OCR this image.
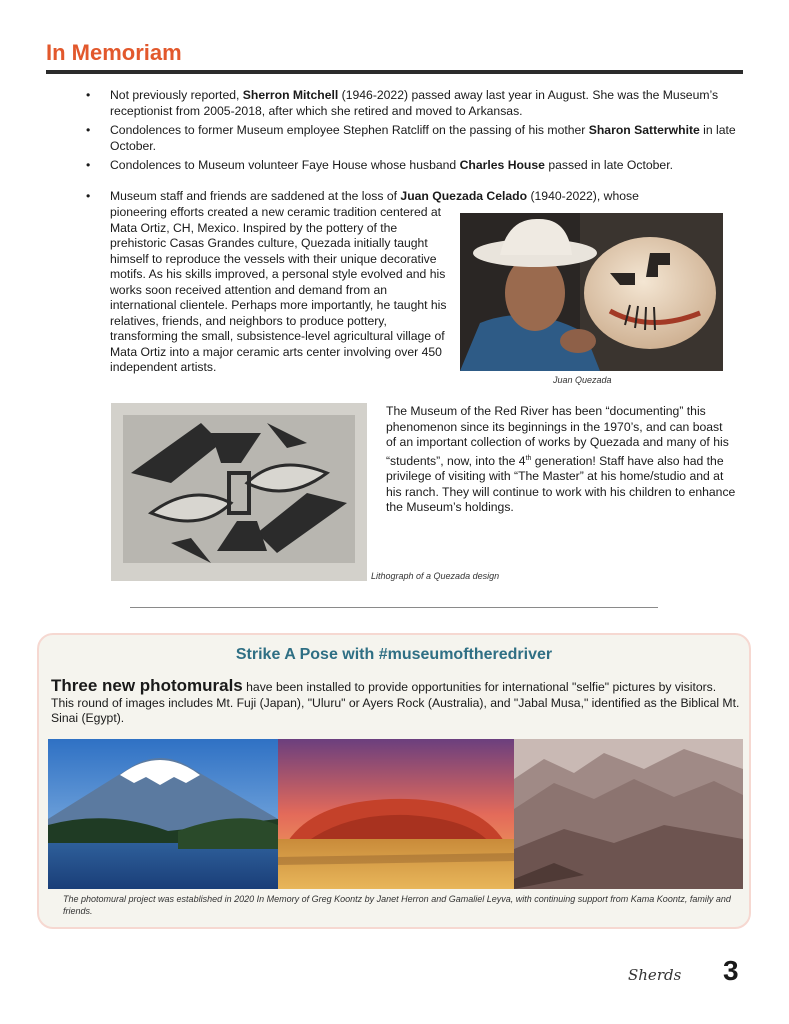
In Memoriam
• Not previously reported, Sherron Mitchell (1946-2022) passed away last year in August. She was the Museum’s receptionist from 2005-2018, after which she retired and moved to Arkansas.
• Condolences to former Museum employee Stephen Ratcliff on the passing of his mother Sharon Satterwhite in late October.
• Condolences to Museum volunteer Faye House whose husband Charles House passed in late October.
• Museum staff and friends are saddened at the loss of Juan Quezada Celado (1940-2022), whose
pioneering efforts created a new ceramic tradition centered at Mata Ortiz, CH, Mexico. Inspired by the pottery of the prehistoric Casas Grandes culture, Quezada initially taught himself to reproduce the vessels with their unique decorative motifs. As his skills improved, a personal style evolved and his works soon received attention and demand from an international clientele. Perhaps more importantly, he taught his relatives, friends, and neighbors to produce pottery, transforming the small, subsistence-level agricultural village of Mata Ortiz into a major ceramic arts center involving over 450 independent artists.
Juan Quezada
The Museum of the Red River has been “documenting” this phenomenon since its beginnings in the 1970’s, and can boast of an important collection of works by Quezada and many of his “students”, now, into the 4th generation! Staff have also had the privilege of visiting with “The Master” at his home/studio and at his ranch. They will continue to work with his children to enhance the Museum’s holdings.
Lithograph of a Quezada design
Strike A Pose with #museumoftheredriver
Three new photomurals have been installed to provide opportunities for international "selfie" pictures by visitors. This round of images includes Mt. Fuji (Japan), "Uluru" or Ayers Rock (Australia), and "Jabal Musa," identified as the Biblical Mt. Sinai (Egypt).
The photomural project was established in 2020 In Memory of Greg Koontz by Janet Herron and Gamaliel Leyva, with continuing support from Kama Koontz, family and friends.
Sherds 3
